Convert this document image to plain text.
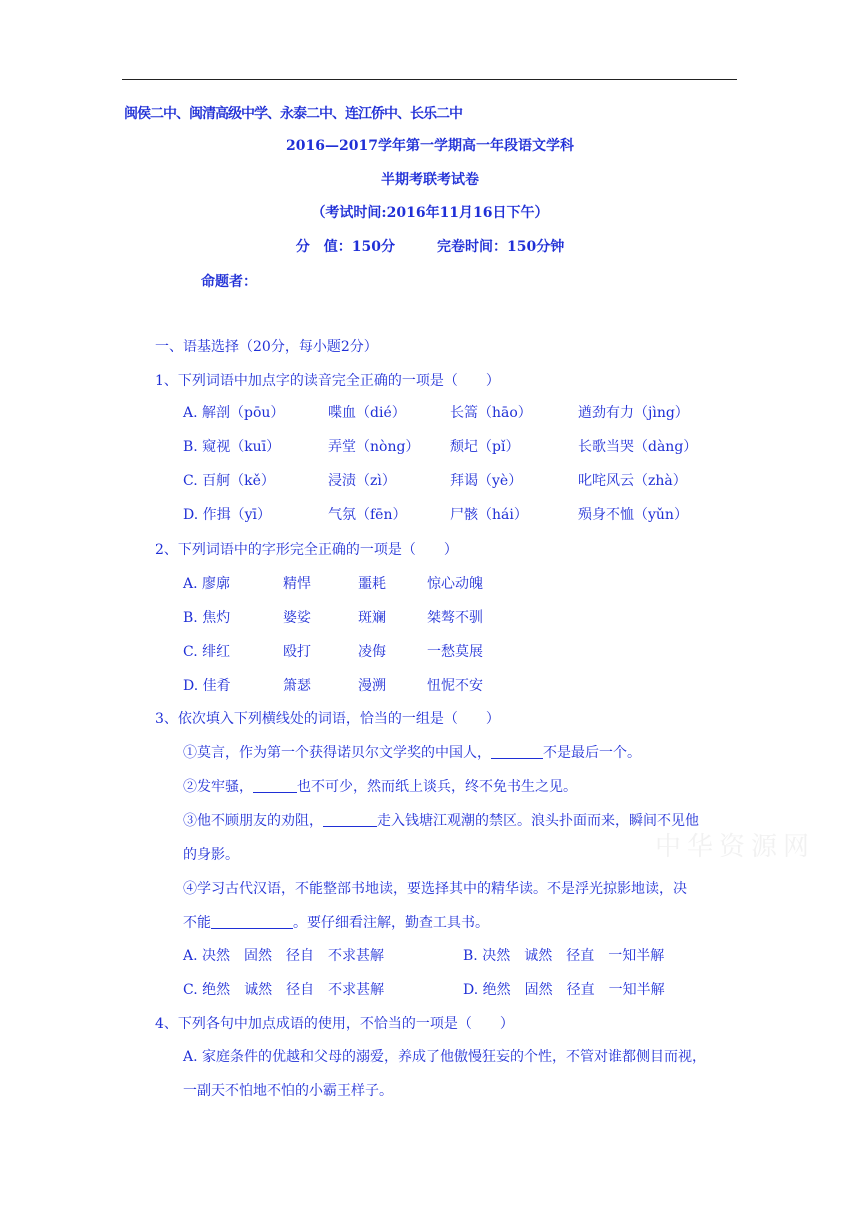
闽侯二中、闽清高级中学、永泰二中、连江侨中、长乐二中
2016—2017学年第一学期高一年段语文学科
半期考联考试卷
（考试时间:2016年11月16日下午）
分　值：150分　　　完卷时间：150分钟
命题者：
一、语基选择（20分，每小题2分）
1、下列词语中加点字的读音完全正确的一项是（　　）
A. 解剖（pōu）	喋血（dié）	长篙（hāo）	遒劲有力（jìng）
B. 窥视（kuī）	弄堂（nòng） 颓圮（pǐ）	长歌当哭（dàng）
C. 百舸（kě）	浸渍（zì）	拜谒（yè）	叱咤风云（zhà）
D. 作揖（yī）	气氛（fēn）	尸骸（hái）	殒身不恤（yǔn）
2、下列词语中的字形完全正确的一项是（　　）
A. 廖廓	精悍	噩耗	惊心动魄
B. 焦灼	婆娑	斑斓	桀骜不驯
C. 绯红	殴打	凌侮	一愁莫展
D. 佳肴	箫瑟	漫溯	忸怩不安
3、依次填入下列横线处的词语，恰当的一组是（　　）
①莫言，作为第一个获得诺贝尔文学奖的中国人，	不是最后一个。
②发牢骚，	也不可少，然而纸上谈兵，终不免书生之见。
③他不顾朋友的劝阻，	走入钱塘江观潮的禁区。浪头扑面而来，瞬间不见他
的身影。
④学习古代汉语，不能整部书地读，要选择其中的精华读。不是浮光掠影地读，决
不能	。要仔细看注解，勤查工具书。
A. 决然　固然　径自　不求甚解	B. 决然　诚然　径直　一知半解
C. 绝然　诚然　径自　不求甚解	D. 绝然　固然　径直　一知半解
4、下列各句中加点成语的使用，不恰当的一项是（　　）
A. 家庭条件的优越和父母的溺爱，养成了他傲慢狂妄的个性，不管对谁都侧目而视，
一副天不怕地不怕的小霸王样子。
中华资源网
